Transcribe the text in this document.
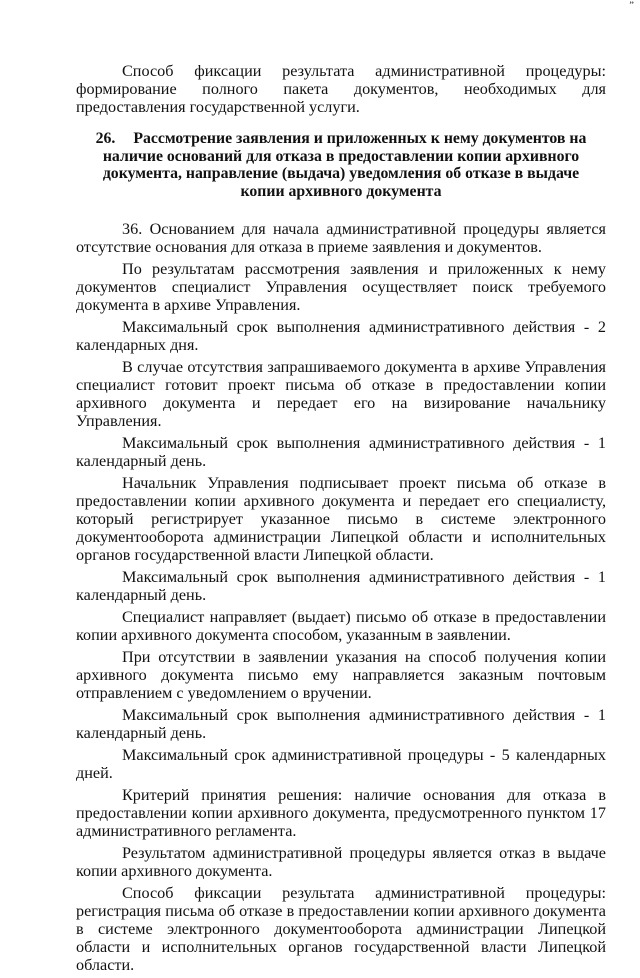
’’

Способ фиксации результата административной процедуры: формирование полного пакета документов, необходимых для предоставления государственной услуги.

26. Рассмотрение заявления и приложенных к нему документов на наличие оснований для отказа в предоставлении копии архивного документа, направление (выдача) уведомления об отказе в выдаче копии архивного документа

36. Основанием для начала административной процедуры является отсутствие основания для отказа в приеме заявления и документов.

По результатам рассмотрения заявления и приложенных к нему документов специалист Управления осуществляет поиск требуемого документа в архиве Управления.

Максимальный срок выполнения административного действия - 2 календарных дня.

В случае отсутствия запрашиваемого документа в архиве Управления специалист готовит проект письма об отказе в предоставлении копии архивного документа и передает его на визирование начальнику Управления.

Максимальный срок выполнения административного действия - 1 календарный день.

Начальник Управления подписывает проект письма об отказе в предоставлении копии архивного документа и передает его специалисту, который регистрирует указанное письмо в системе электронного документооборота администрации Липецкой области и исполнительных органов государственной власти Липецкой области.

Максимальный срок выполнения административного действия - 1 календарный день.

Специалист направляет (выдает) письмо об отказе в предоставлении копии архивного документа способом, указанным в заявлении.

При отсутствии в заявлении указания на способ получения копии архивного документа письмо ему направляется заказным почтовым отправлением с уведомлением о вручении.

Максимальный срок выполнения административного действия - 1 календарный день.

Максимальный срок административной процедуры - 5 календарных дней.

Критерий принятия решения: наличие основания для отказа в предоставлении копии архивного документа, предусмотренного пунктом 17 административного регламента.

Результатом административной процедуры является отказ в выдаче копии архивного документа.

Способ фиксации результата административной процедуры: регистрация письма об отказе в предоставлении копии архивного документа в системе электронного документооборота администрации Липецкой области и исполнительных органов государственной власти Липецкой области.
